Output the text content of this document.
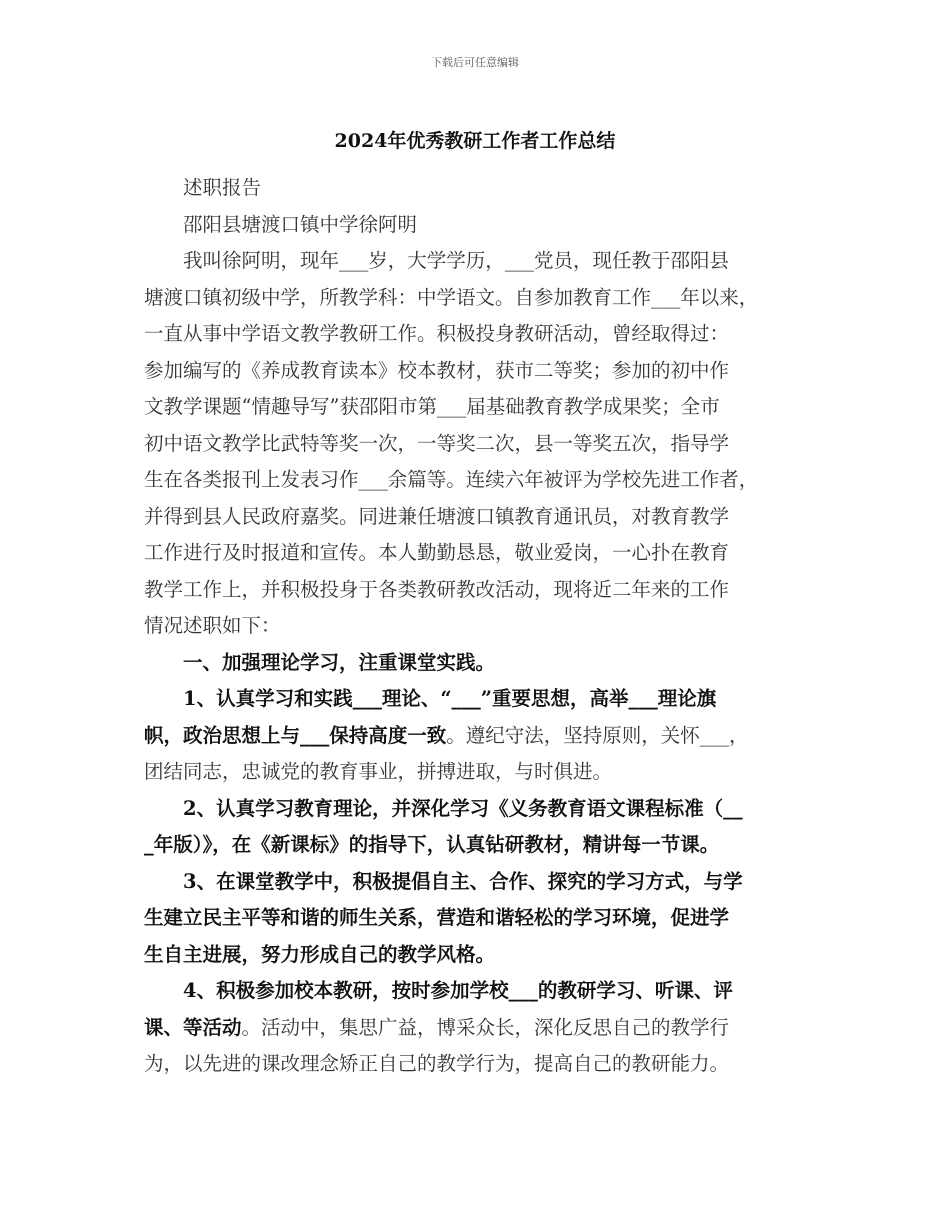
下载后可任意编辑
2024年优秀教研工作者工作总结
　　述职报告
　　邵阳县塘渡口镇中学徐阿明
　　我叫徐阿明，现年___岁，大学学历，___党员，现任教于邵阳县
塘渡口镇初级中学，所教学科：中学语文。自参加教育工作___年以来，
一直从事中学语文教学教研工作。积极投身教研活动，曾经取得过：
参加编写的《养成教育读本》校本教材，获市二等奖；参加的初中作
文教学课题“情趣导写”获邵阳市第___届基础教育教学成果奖；全市
初中语文教学比武特等奖一次，一等奖二次，县一等奖五次，指导学
生在各类报刊上发表习作___余篇等。连续六年被评为学校先进工作者，
并得到县人民政府嘉奖。同进兼任塘渡口镇教育通讯员，对教育教学
工作进行及时报道和宣传。本人勤勤恳恳，敬业爱岗，一心扑在教育
教学工作上，并积极投身于各类教研教改活动，现将近二年来的工作
情况述职如下：
　　一、加强理论学习，注重课堂实践。
　　1、认真学习和实践___理论、“___”重要思想，高举___理论旗
帜，政治思想上与___保持高度一致。遵纪守法，坚持原则，关怀___，
团结同志，忠诚党的教育事业，拼搏进取，与时俱进。
　　2、认真学习教育理论，并深化学习《义务教育语文课程标准（__
_年版）》，在《新课标》的指导下，认真钻研教材，精讲每一节课。
　　3、在课堂教学中，积极提倡自主、合作、探究的学习方式，与学
生建立民主平等和谐的师生关系，营造和谐轻松的学习环境，促进学
生自主进展，努力形成自己的教学风格。
　　4、积极参加校本教研，按时参加学校___的教研学习、听课、评
课、等活动。活动中，集思广益，博采众长，深化反思自己的教学行
为，以先进的课改理念矫正自己的教学行为，提高自己的教研能力。
